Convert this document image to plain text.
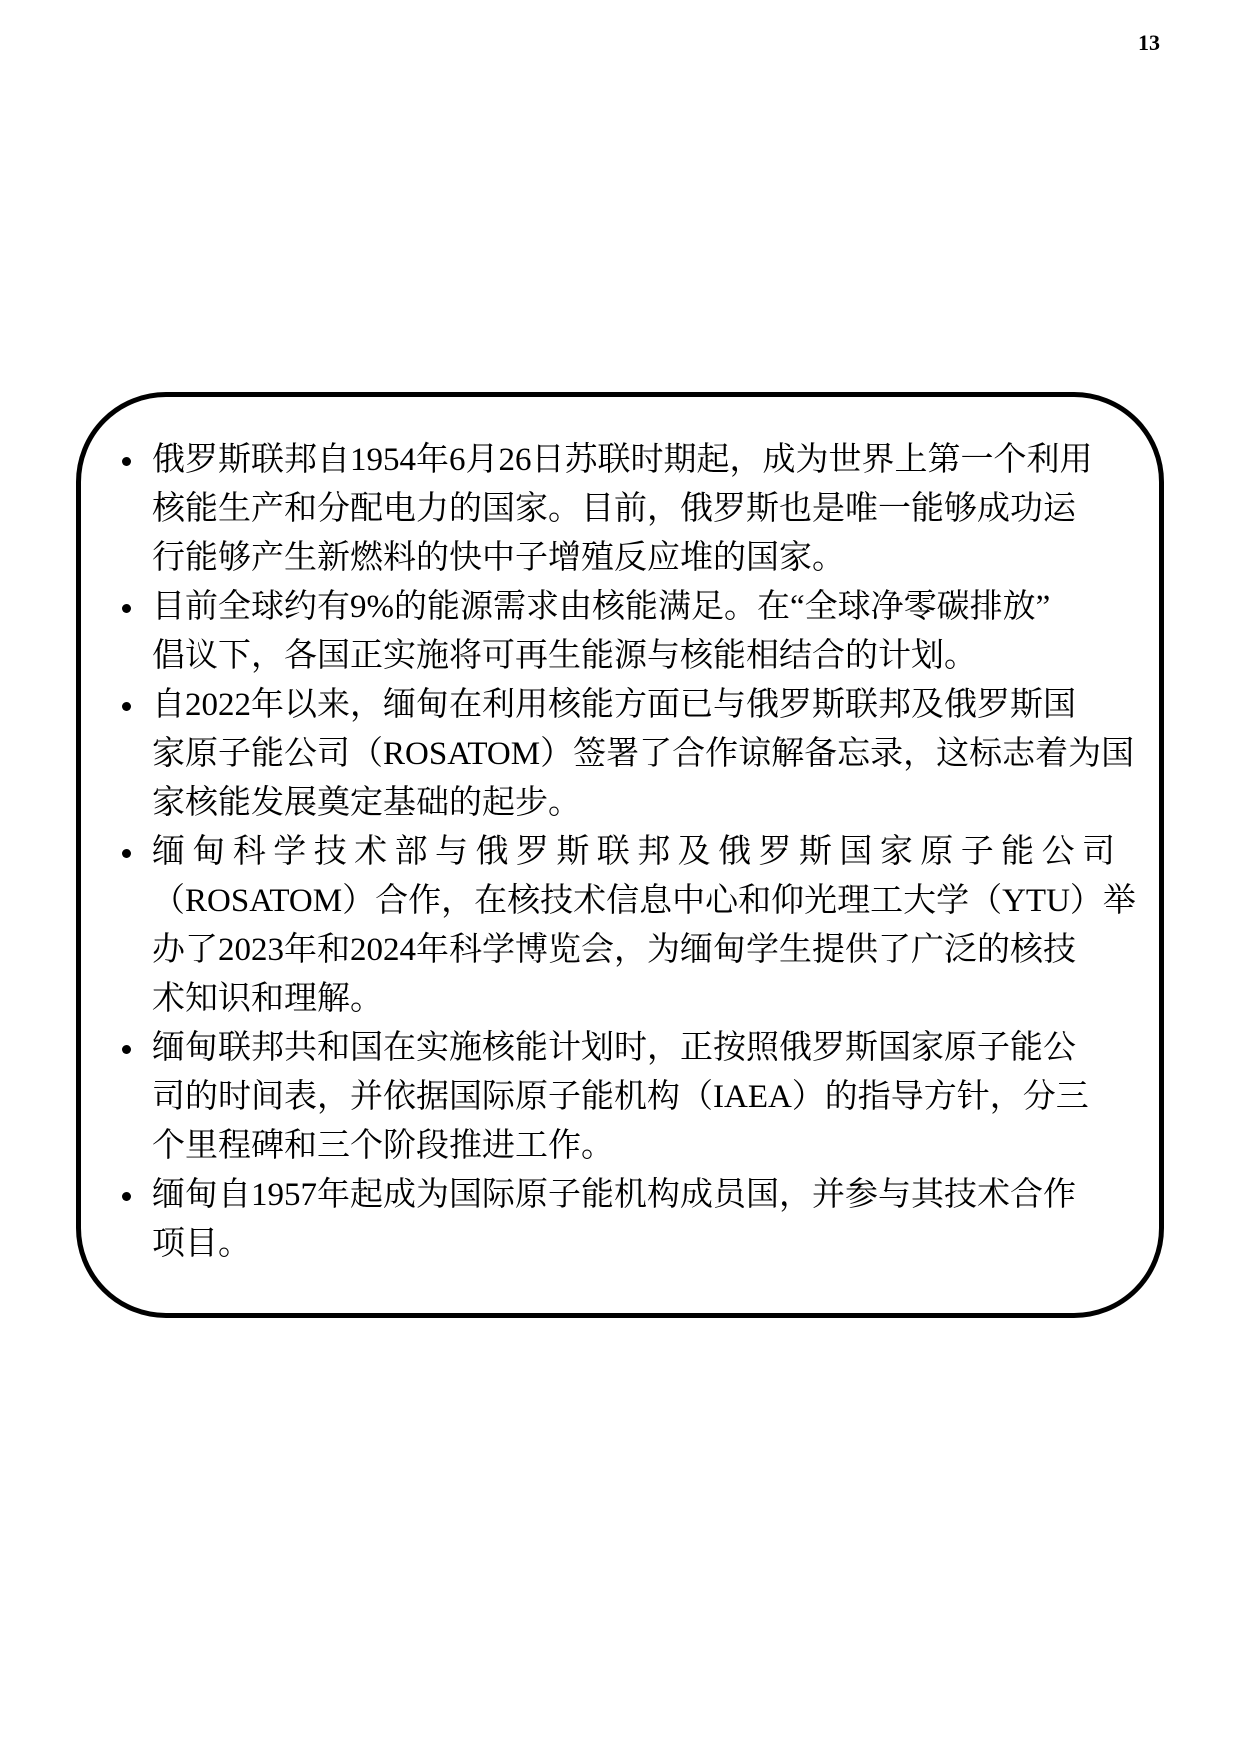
13
俄罗斯联邦自1954年6月26日苏联时期起，成为世界上第一个利用
核能生产和分配电力的国家。目前，俄罗斯也是唯一能够成功运
行能够产生新燃料的快中子增殖反应堆的国家。
目前全球约有9%的能源需求由核能满足。在“全球净零碳排放”
倡议下，各国正实施将可再生能源与核能相结合的计划。
自2022年以来，缅甸在利用核能方面已与俄罗斯联邦及俄罗斯国
家原子能公司（ROSATOM）签署了合作谅解备忘录，这标志着为国
家核能发展奠定基础的起步。
缅甸科学技术部与俄罗斯联邦及俄罗斯国家原子能公司
（ROSATOM）合作，在核技术信息中心和仰光理工大学（YTU）举
办了2023年和2024年科学博览会，为缅甸学生提供了广泛的核技
术知识和理解。
缅甸联邦共和国在实施核能计划时，正按照俄罗斯国家原子能公
司的时间表，并依据国际原子能机构（IAEA）的指导方针，分三
个里程碑和三个阶段推进工作。
缅甸自1957年起成为国际原子能机构成员国，并参与其技术合作
项目。
